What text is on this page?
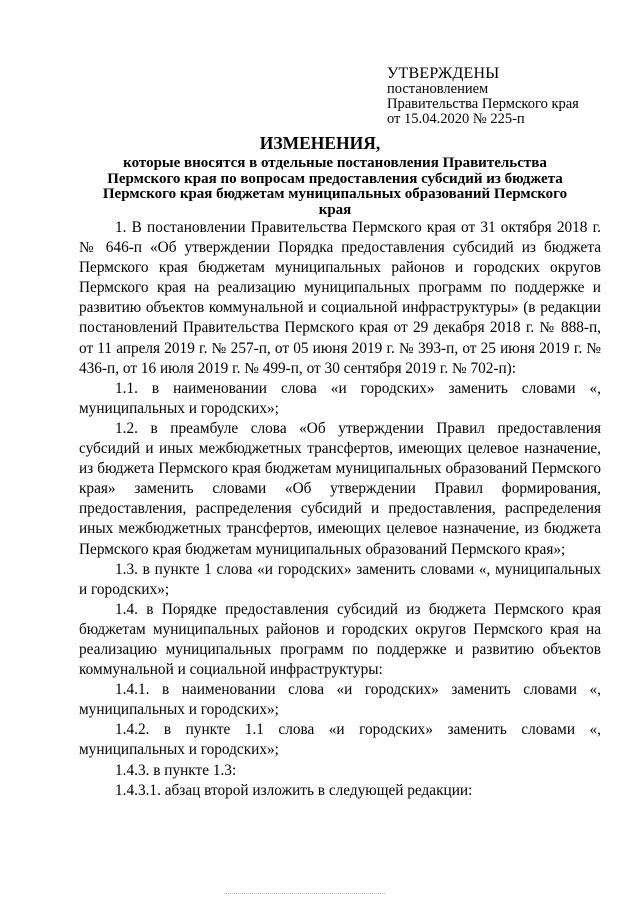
УТВЕРЖДЕНЫ
постановлением
Правительства Пермского края
от 15.04.2020 № 225-п
ИЗМЕНЕНИЯ,
которые вносятся в отдельные постановления Правительства Пермского края по вопросам предоставления субсидий из бюджета Пермского края бюджетам муниципальных образований Пермского края

1. В постановлении Правительства Пермского края от 31 октября 2018 г. № 646-п «Об утверждении Порядка предоставления субсидий из бюджета Пермского края бюджетам муниципальных районов и городских округов Пермского края на реализацию муниципальных программ по поддержке и развитию объектов коммунальной и социальной инфраструктуры» (в редакции постановлений Правительства Пермского края от 29 декабря 2018 г. № 888-п, от 11 апреля 2019 г. № 257-п, от 05 июня 2019 г. № 393-п, от 25 июня 2019 г. № 436-п, от 16 июля 2019 г. № 499-п, от 30 сентября 2019 г. № 702-п):

1.1. в наименовании слова «и городских» заменить словами «, муниципальных и городских»;

1.2. в преамбуле слова «Об утверждении Правил предоставления субсидий и иных межбюджетных трансфертов, имеющих целевое назначение, из бюджета Пермского края бюджетам муниципальных образований Пермского края» заменить словами «Об утверждении Правил формирования, предоставления, распределения субсидий и предоставления, распределения иных межбюджетных трансфертов, имеющих целевое назначение, из бюджета Пермского края бюджетам муниципальных образований Пермского края»;

1.3. в пункте 1 слова «и городских» заменить словами «, муниципальных и городских»;

1.4. в Порядке предоставления субсидий из бюджета Пермского края бюджетам муниципальных районов и городских округов Пермского края на реализацию муниципальных программ по поддержке и развитию объектов коммунальной и социальной инфраструктуры:

1.4.1. в наименовании слова «и городских» заменить словами «, муниципальных и городских»;

1.4.2. в пункте 1.1 слова «и городских» заменить словами «, муниципальных и городских»;

1.4.3. в пункте 1.3:

1.4.3.1. абзац второй изложить в следующей редакции:
